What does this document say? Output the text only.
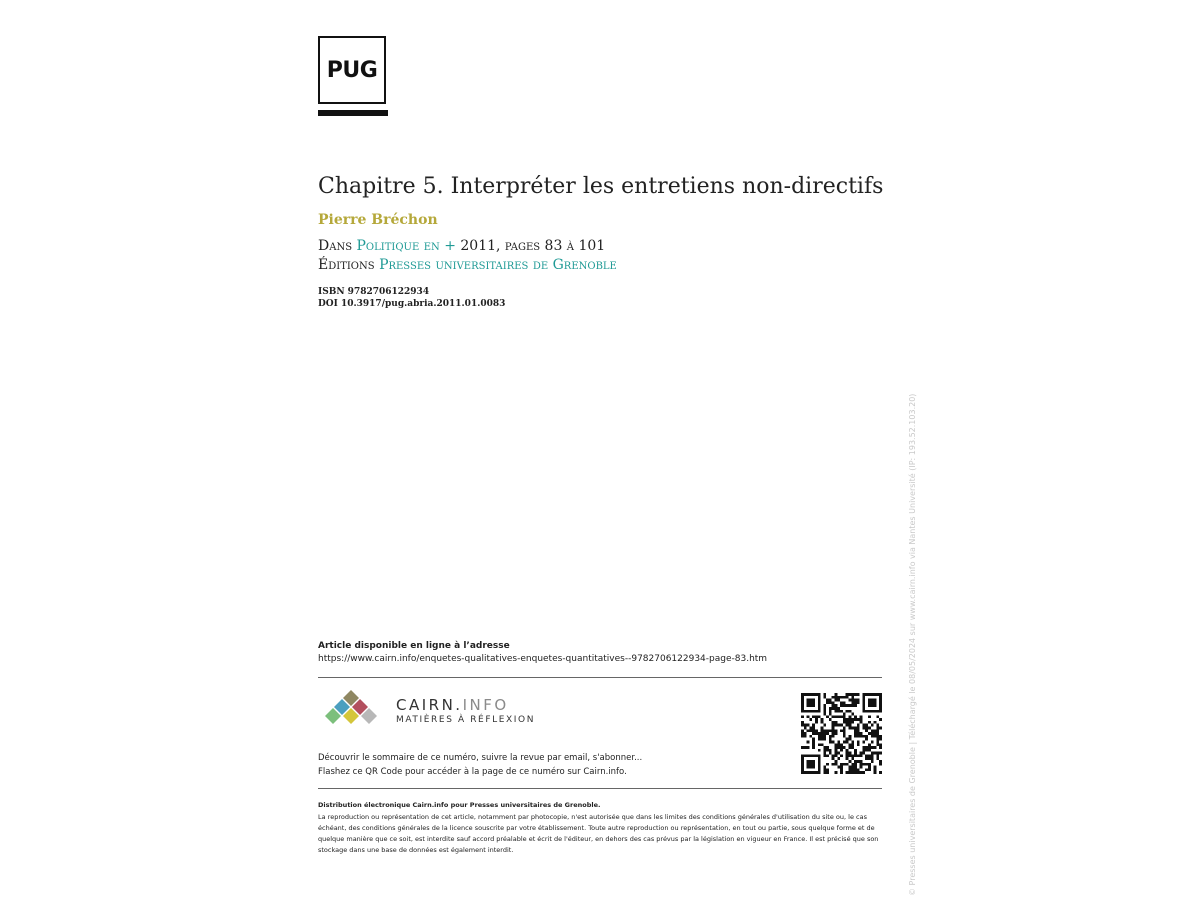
PUG
Chapitre 5. Interpréter les entretiens non-directifs
Pierre Bréchon
Dans Politique en + 2011, pages 83 à 101
Éditions Presses universitaires de Grenoble
ISBN 9782706122934
DOI 10.3917/pug.abria.2011.01.0083
Article disponible en ligne à l’adresse
https://www.cairn.info/enquetes-qualitatives-enquetes-quantitatives--9782706122934-page-83.htm
CAIRN.INFO
MATIÈRES À RÉFLEXION
Découvrir le sommaire de ce numéro, suivre la revue par email, s'abonner...
Flashez ce QR Code pour accéder à la page de ce numéro sur Cairn.info.
Distribution électronique Cairn.info pour Presses universitaires de Grenoble.
La reproduction ou représentation de cet article, notamment par photocopie, n'est autorisée que dans les limites des conditions générales d'utilisation du site ou, le cas échéant, des conditions générales de la licence souscrite par votre établissement. Toute autre reproduction ou représentation, en tout ou partie, sous quelque forme et de quelque manière que ce soit, est interdite sauf accord préalable et écrit de l'éditeur, en dehors des cas prévus par la législation en vigueur en France. Il est précisé que son stockage dans une base de données est également interdit.	© Presses universitaires de Grenoble | Téléchargé le 08/05/2024 sur www.cairn.info via Nantes Université (IP: 193.52.103.20)
